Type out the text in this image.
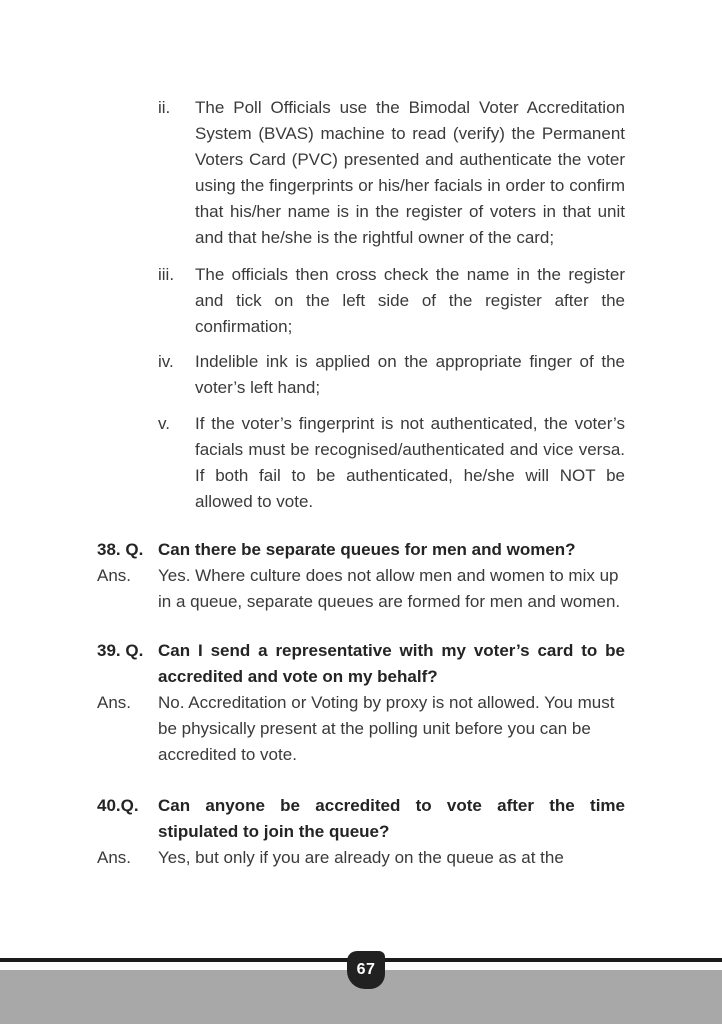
ii.	The Poll Officials use the Bimodal Voter Accreditation System (BVAS) machine to read (verify) the Permanent Voters Card (PVC) presented and authenticate the voter using the fingerprints or his/her facials in order to confirm that his/her name is in the register of voters in that unit and that he/she is the rightful owner of the card;
iii.	The officials then cross check the name in the register and tick on the left side of the register after the confirmation;
iv.	Indelible ink is applied on the appropriate finger of the voter’s left hand;
v.	If the voter’s fingerprint is not authenticated, the voter’s facials must be recognised/authenticated and vice versa. If both fail to be authenticated, he/she will NOT be allowed to vote.
38. Q. Can there be separate queues for men and women?
Ans.	Yes. Where culture does not allow men and women to mix up in a queue, separate queues are formed for men and women.
39. Q. Can I send a representative with my voter’s card to be accredited and vote on my behalf?
Ans.	No. Accreditation or Voting by proxy is not allowed. You must be physically present at the polling unit before you can be accredited to vote.
40.Q.	Can anyone be accredited to vote after the time stipulated to join the queue?
Ans.	Yes, but only if you are already on the queue as at the
67
